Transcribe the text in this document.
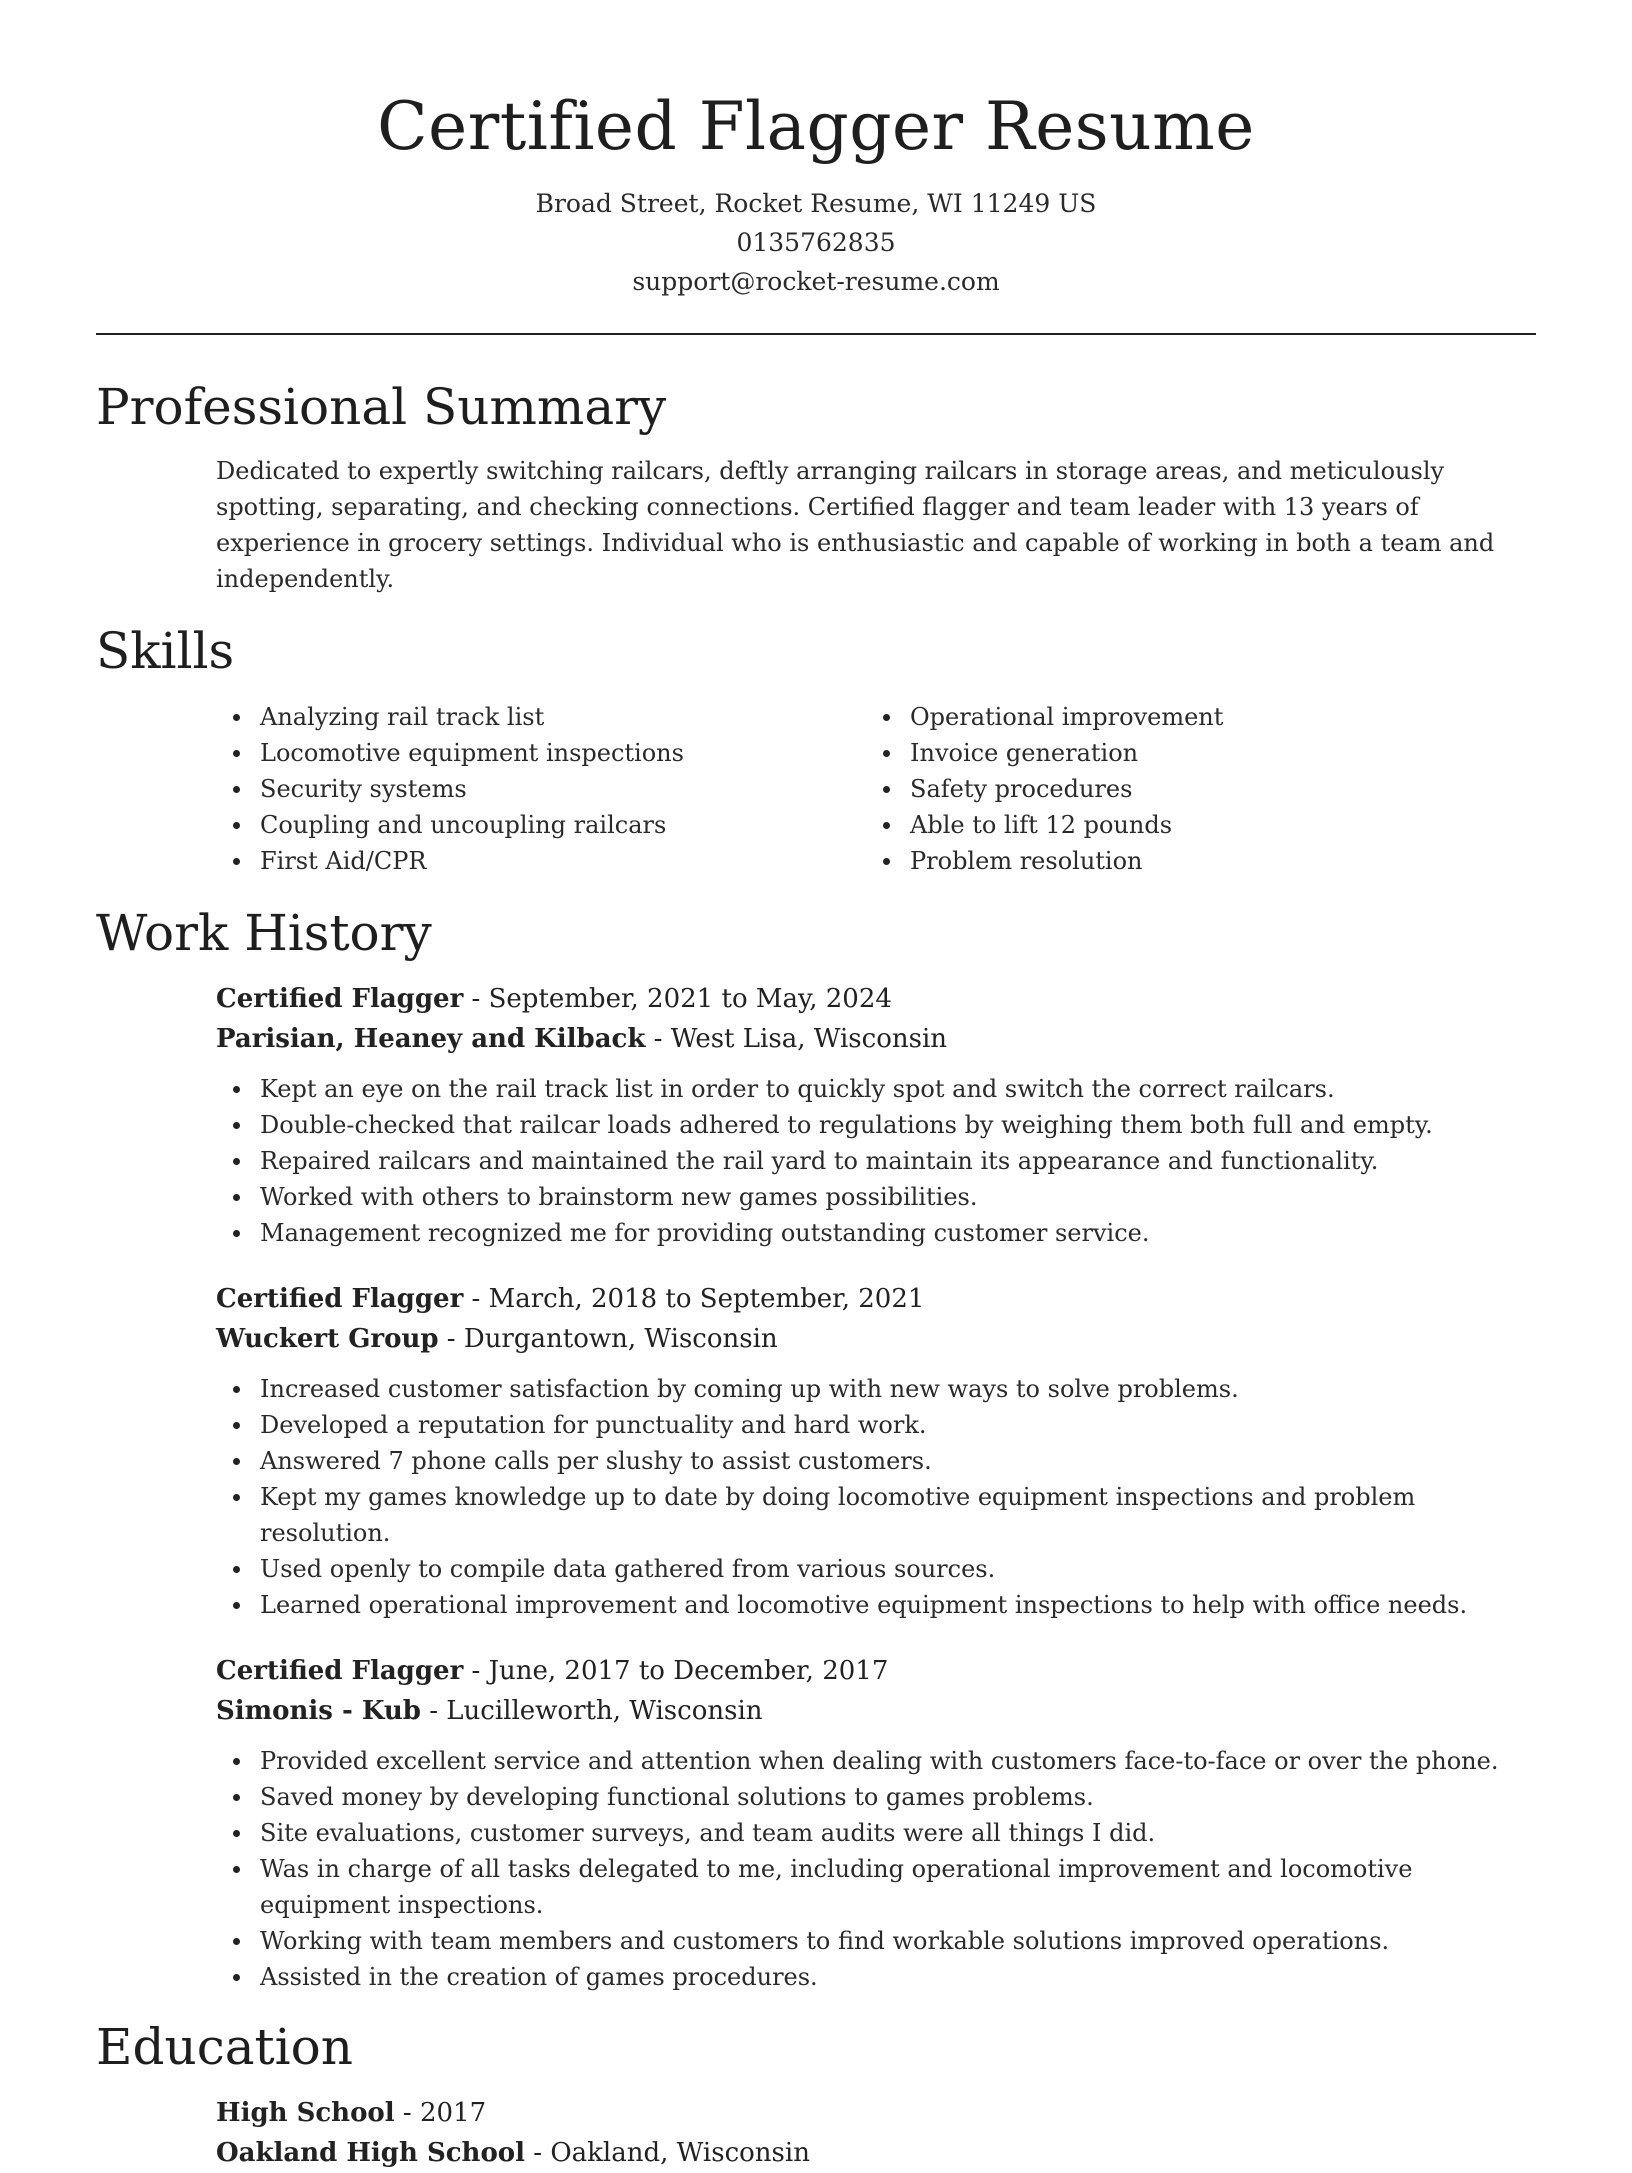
Certified Flagger Resume

Broad Street, Rocket Resume, WI 11249 US

0135762835

support@rocket-resume.com

Professional Summary

Dedicated to expertly switching railcars, deftly arranging railcars in storage areas, and meticulously spotting, separating, and checking connections. Certified flagger and team leader with 13 years of experience in grocery settings. Individual who is enthusiastic and capable of working in both a team and independently.

Skills
Analyzing rail track list
Locomotive equipment inspections
Security systems
Coupling and uncoupling railcars
First Aid/CPR
Operational improvement
Invoice generation
Safety procedures
Able to lift 12 pounds
Problem resolution
Work History

Certified Flagger - September, 2021 to May, 2024

Parisian, Heaney and Kilback - West Lisa, Wisconsin

Kept an eye on the rail track list in order to quickly spot and switch the correct railcars.
Double-checked that railcar loads adhered to regulations by weighing them both full and empty.
Repaired railcars and maintained the rail yard to maintain its appearance and functionality.
Worked with others to brainstorm new games possibilities.
Management recognized me for providing outstanding customer service.

Certified Flagger - March, 2018 to September, 2021

Wuckert Group - Durgantown, Wisconsin

Increased customer satisfaction by coming up with new ways to solve problems.
Developed a reputation for punctuality and hard work.
Answered 7 phone calls per slushy to assist customers.
Kept my games knowledge up to date by doing locomotive equipment inspections and problem resolution.
Used openly to compile data gathered from various sources.
Learned operational improvement and locomotive equipment inspections to help with office needs.

Certified Flagger - June, 2017 to December, 2017

Simonis - Kub - Lucilleworth, Wisconsin

Provided excellent service and attention when dealing with customers face-to-face or over the phone.
Saved money by developing functional solutions to games problems.
Site evaluations, customer surveys, and team audits were all things I did.
Was in charge of all tasks delegated to me, including operational improvement and locomotive equipment inspections.
Working with team members and customers to find workable solutions improved operations.
Assisted in the creation of games procedures.
Education

High School - 2017

Oakland High School - Oakland, Wisconsin
